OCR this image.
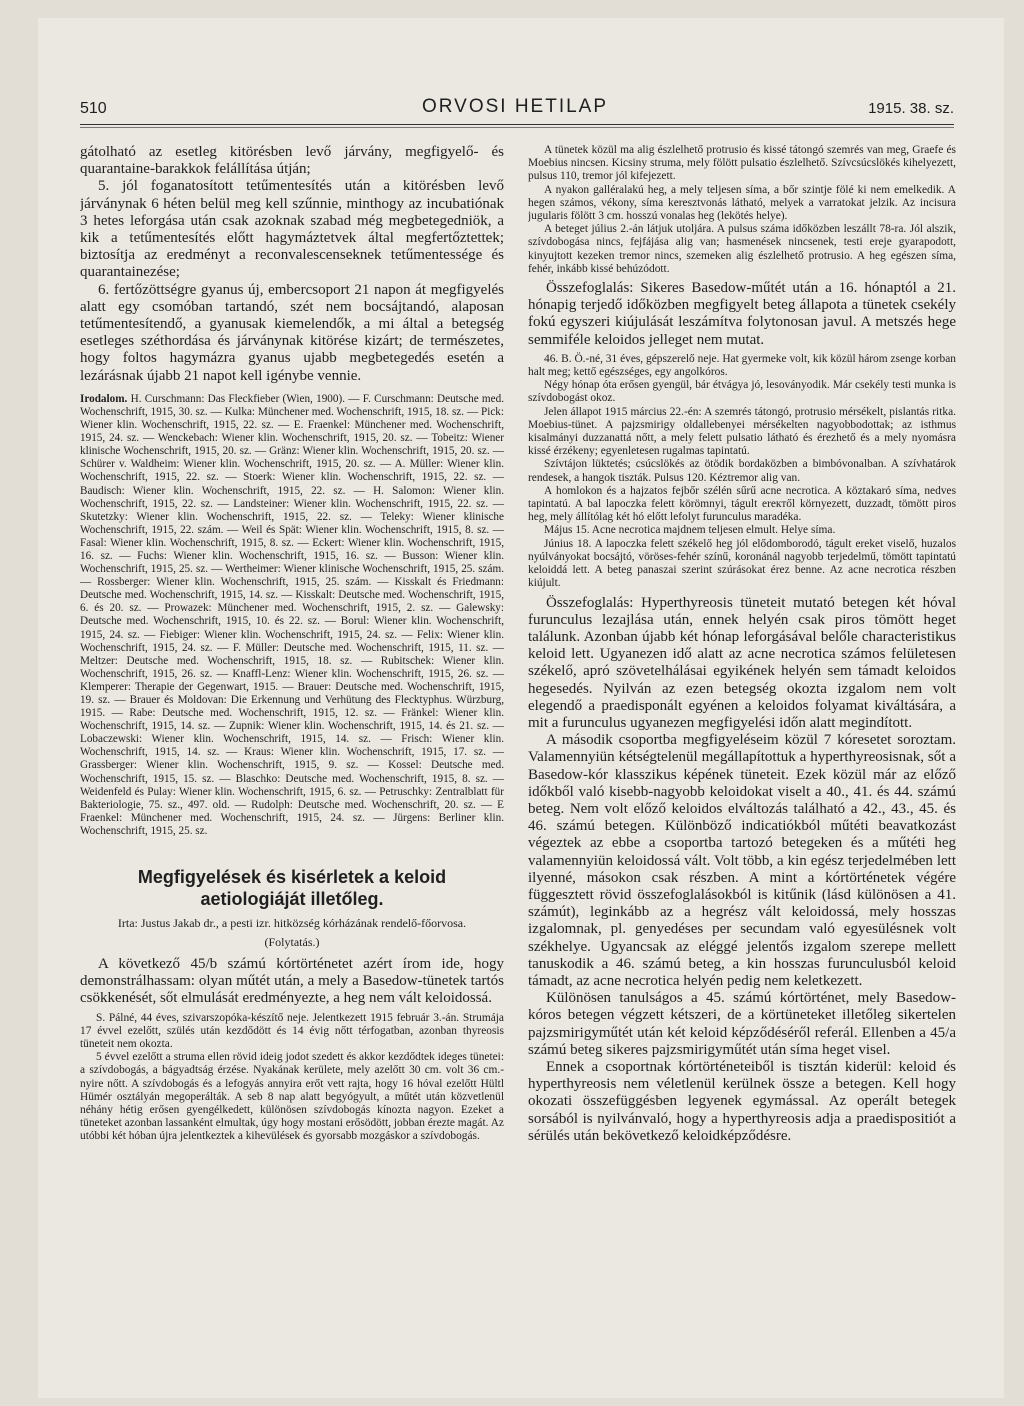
510	ORVOSI HETILAP	1915. 38. sz.

gátolható az esetleg kitörésben levő járvány, megfigyelő- és quarantaine-barakkok felállítása útján;

5. jól foganatosított tetűmentesítés után a kitörésben levő járványnak 6 héten belül meg kell szűnnie, minthogy az incubatiónak 3 hetes leforgása után csak azoknak szabad még megbetegedniök, a kik a tetűmentesítés előtt hagymáztetvek által megfertőztettek; biztosítja az eredményt a reconvalescenseknek tetűmentessége és quarantainezése;

6. fertőzöttségre gyanus új, embercsoport 21 napon át megfigyelés alatt egy csomóban tartandó, szét nem bocsájtandó, alaposan tetűmentesítendő, a gyanusak kiemelendők, a mi által a betegség esetleges széthordása és járványnak kitörése kizárt; de természetes, hogy foltos hagymázra gyanus ujabb megbetegedés esetén a lezárásnak újabb 21 napot kell igénybe vennie.

Irodalom. H. Curschmann: Das Fleckfieber (Wien, 1900). — F. Curschmann: Deutsche med. Wochenschrift, 1915, 30. sz. — Kulka: Münchener med. Wochenschrift, 1915, 18. sz. — Pick: Wiener klin. Wochenschrift, 1915, 22. sz. — E. Fraenkel: Münchener med. Wochenschrift, 1915, 24. sz. — Wenckebach: Wiener klin. Wochenschrift, 1915, 20. sz. — Tobeitz: Wiener klinische Wochenschrift, 1915, 20. sz. — Gränz: Wiener klin. Wochenschrift, 1915, 20. sz. — Schürer v. Waldheim: Wiener klin. Wochenschrift, 1915, 20. sz. — A. Müller: Wiener klin. Wochenschrift, 1915, 22. sz. — Stoerk: Wiener klin. Wochenschrift, 1915, 22. sz. — Baudisch: Wiener klin. Wochenschrift, 1915, 22. sz. — H. Salomon: Wiener klin. Wochenschrift, 1915, 22. sz. — Landsteiner: Wiener klin. Wochenschrift, 1915, 22. sz. — Skutetzky: Wiener klin. Wochenschrift, 1915, 22. sz. — Teleky: Wiener klinische Wochenschrift, 1915, 22. szám. — Weil és Spät: Wiener klin. Wochenschrift, 1915, 8. sz. — Fasal: Wiener klin. Wochenschrift, 1915, 8. sz. — Eckert: Wiener klin. Wochenschrift, 1915, 16. sz. — Fuchs: Wiener klin. Wochenschrift, 1915, 16. sz. — Busson: Wiener klin. Wochenschrift, 1915, 25. sz. — Wertheimer: Wiener klinische Wochenschrift, 1915, 25. szám. — Rossberger: Wiener klin. Wochenschrift, 1915, 25. szám. — Kisskalt és Friedmann: Deutsche med. Wochenschrift, 1915, 14. sz. — Kisskalt: Deutsche med. Wochenschrift, 1915, 6. és 20. sz. — Prowazek: Münchener med. Wochenschrift, 1915, 2. sz. — Galewsky: Deutsche med. Wochenschrift, 1915, 10. és 22. sz. — Borul: Wiener klin. Wochenschrift, 1915, 24. sz. — Fiebiger: Wiener klin. Wochenschrift, 1915, 24. sz. — Felix: Wiener klin. Wochenschrift, 1915, 24. sz. — F. Müller: Deutsche med. Wochenschrift, 1915, 11. sz. — Meltzer: Deutsche med. Wochenschrift, 1915, 18. sz. — Rubitschek: Wiener klin. Wochenschrift, 1915, 26. sz. — Knaffl-Lenz: Wiener klin. Wochenschrift, 1915, 26. sz. — Klemperer: Therapie der Gegenwart, 1915. — Brauer: Deutsche med. Wochenschrift, 1915, 19. sz. — Brauer és Moldovan: Die Erkennung und Verhütung des Flecktyphus. Würzburg, 1915. — Rabe: Deutsche med. Wochenschrift, 1915, 12. sz. — Fränkel: Wiener klin. Wochenschrift, 1915, 14. sz. — Zupnik: Wiener klin. Wochenschrift, 1915, 14. és 21. sz. — Lobaczewski: Wiener klin. Wochenschrift, 1915, 14. sz. — Frisch: Wiener klin. Wochenschrift, 1915, 14. sz. — Kraus: Wiener klin. Wochenschrift, 1915, 17. sz. — Grassberger: Wiener klin. Wochenschrift, 1915, 9. sz. — Kossel: Deutsche med. Wochenschrift, 1915, 15. sz. — Blaschko: Deutsche med. Wochenschrift, 1915, 8. sz. — Weidenfeld és Pulay: Wiener klin. Wochenschrift, 1915, 6. sz. — Petruschky: Zentralblatt für Bakteriologie, 75. sz., 497. old. — Rudolph: Deutsche med. Wochenschrift, 20. sz. — E Fraenkel: Münchener med. Wochenschrift, 1915, 24. sz. — Jürgens: Berliner klin. Wochenschrift, 1915, 25. sz.
Megfigyelések és kisérletek a keloid
aetiologiáját illetőleg.
Irta: Justus Jakab dr., a pesti izr. hitközség kórházának rendelő-főorvosa.
(Folytatás.)

A következő 45/b számú kórtörténetet azért írom ide, hogy demonstrálhassam: olyan műtét után, a mely a Basedow-tünetek tartós csökkenését, sőt elmulását eredményezte, a heg nem vált keloidossá.

S. Pálné, 44 éves, szivarszopóka-készítő neje. Jelentkezett 1915 február 3.-án. Strumája 17 évvel ezelőtt, szülés után kezdődött és 14 évig nőtt térfogatban, azonban thyreosis tüneteit nem okozta.

5 évvel ezelőtt a struma ellen rövid ideig jodot szedett és akkor kezdődtek ideges tünetei: a szívdobogás, a bágyadtság érzése. Nyakának kerülete, mely azelőtt 30 cm. volt 36 cm.-nyire nőtt. A szívdobogás és a lefogyás annyira erőt vett rajta, hogy 16 hóval ezelőtt Hültl Hümér osztályán megoperálták. A seb 8 nap alatt begyógyult, a műtét után közvetlenül néhány hétig erősen gyengélkedett, különösen szívdobogás kínozta nagyon. Ezeket a tüneteket azonban lassanként elmultak, úgy hogy mostani erősödött, jobban érezte magát. Az utóbbi két hóban újra jelentkeztek a kihevülések és gyorsabb mozgáskor a szívdobogás.

A tünetek közül ma alig észlelhető protrusio és kissé tátongó szemrés van meg, Graefe és Moebius nincsen. Kicsiny struma, mely fölött pulsatio észlelhető. Szívcsúcslökés kihelyezett, pulsus 110, tremor jól kifejezett.

A nyakon galléralakú heg, a mely teljesen síma, a bőr szintje fölé ki nem emelkedik. A hegen számos, vékony, síma keresztvonás látható, melyek a varratokat jelzik. Az incisura jugularis fölött 3 cm. hosszú vonalas heg (lekötés helye).

A beteget július 2.-án látjuk utoljára. A pulsus száma időközben leszállt 78-ra. Jól alszik, szívdobogása nincs, fejfájása alig van; hasmenések nincsenek, testi ereje gyarapodott, kinyujtott kezeken tremor nincs, szemeken alig észlelhető protrusio. A heg egészen síma, fehér, inkább kissé behúzódott.

Összefoglalás: Sikeres Basedow-műtét után a 16. hónaptól a 21. hónapig terjedő időközben megfigyelt beteg állapota a tünetek csekély fokú egyszeri kiújulását leszámítva folytonosan javul. A metszés hege semmiféle keloidos jelleget nem mutat.

46. B. Ö.-né, 31 éves, gépszerelő neje. Hat gyermeke volt, kik közül három zsenge korban halt meg; kettő egészséges, egy angolkóros.

Négy hónap óta erősen gyengül, bár étvágya jó, lesoványodik. Már csekély testi munka is szívdobogást okoz.

Jelen állapot 1915 március 22.-én: A szemrés tátongó, protrusio mérsékelt, pislantás ritka. Moebius-tünet. A pajzsmirigy oldallebenyei mérsékelten nagyobbodottak; az isthmus kisalmányi duzzanattá nőtt, a mely felett pulsatio látható és érezhető és a mely nyomásra kissé érzékeny; egyenletesen rugalmas tapintatú.

Szívtájon lüktetés; csúcslökés az ötödik bordaközben a bimbóvonalban. A szívhatárok rendesek, a hangok tiszták. Pulsus 120. Kéztremor alig van.

A homlokon és a hajzatos fejbőr szélén sűrű acne necrotica. A köztakaró síma, nedves tapintatú. A bal lapoczka felett körömnyi, tágult ereктől környezett, duzzadt, tömött piros heg, mely állítólag két hó előtt lefolyt furunculus maradéka.

Május 15. Acne necrotica majdnem teljesen elmult. Helye síma.

Június 18. A lapoczka felett székelő heg jól elődomborodó, tágult ereket viselő, huzalos nyúlványokat bocsájtó, vöröses-fehér színű, koronánál nagyobb terjedelmű, tömött tapintatú keloiddá lett. A beteg panaszai szerint szúrásokat érez benne. Az acne necrotica részben kiújult.

Összefoglalás: Hyperthyreosis tüneteit mutató betegen két hóval furunculus lezajlása után, ennek helyén csak piros tömött heget találunk. Azonban újabb két hónap leforgásával belőle characteristikus keloid lett. Ugyanezen idő alatt az acne necrotica számos felületesen székelő, apró szövetelhálásai egyikének helyén sem támadt keloidos hegesedés. Nyilván az ezen betegség okozta izgalom nem volt elegendő a praedisponált egyénen a keloidos folyamat kiváltására, a mit a furunculus ugyanezen megfigyelési időn alatt megindított.

A második csoportba megfigyeléseim közül 7 kóresetet soroztam. Valamennyiün kétségtelenül megállapítottuk a hyperthyreosisnak, sőt a Basedow-kór klasszikus képének tüneteit. Ezek közül már az előző időkből való kisebb-nagyobb keloidokat viselt a 40., 41. és 44. számú beteg. Nem volt előző keloidos elváltozás található a 42., 43., 45. és 46. számú betegen. Különböző indicatiókból műtéti beavatkozást végeztek az ebbe a csoportba tartozó betegeken és a műtéti heg valamennyiün keloidossá vált. Volt több, a kin egész terjedelmében lett ilyenné, másokon csak részben. A mint a kórtörténetek végére függesztett rövid összefoglalásokból is kitűnik (lásd különösen a 41. számút), leginkább az a hegrész vált keloidossá, mely hosszas izgalomnak, pl. genyedéses per secundam való egyesülésnek volt székhelye. Ugyancsak az eléggé jelentős izgalom szerepe mellett tanuskodik a 46. számú beteg, a kin hosszas furunculusból keloid támadt, az acne necrotica helyén pedig nem keletkezett.

Különösen tanulságos a 45. számú kórtörténet, mely Basedow-kóros betegen végzett kétszeri, de a körtüneteket illetőleg sikertelen pajzsmirigyműtét után két keloid képződéséről referál. Ellenben a 45/a számú beteg sikeres pajzsmirigyműtét után síma heget visel.

Ennek a csoportnak kórtörténeteiből is tisztán kiderül: keloid és hyperthyreosis nem véletlenül kerülnek össze a betegen. Kell hogy okozati összefüggésben legyenek egymással. Az operált betegek sorsából is nyilvánvaló, hogy a hyperthyreosis adja a praedispositiót a sérülés után bekövetkező keloidképződésre.
